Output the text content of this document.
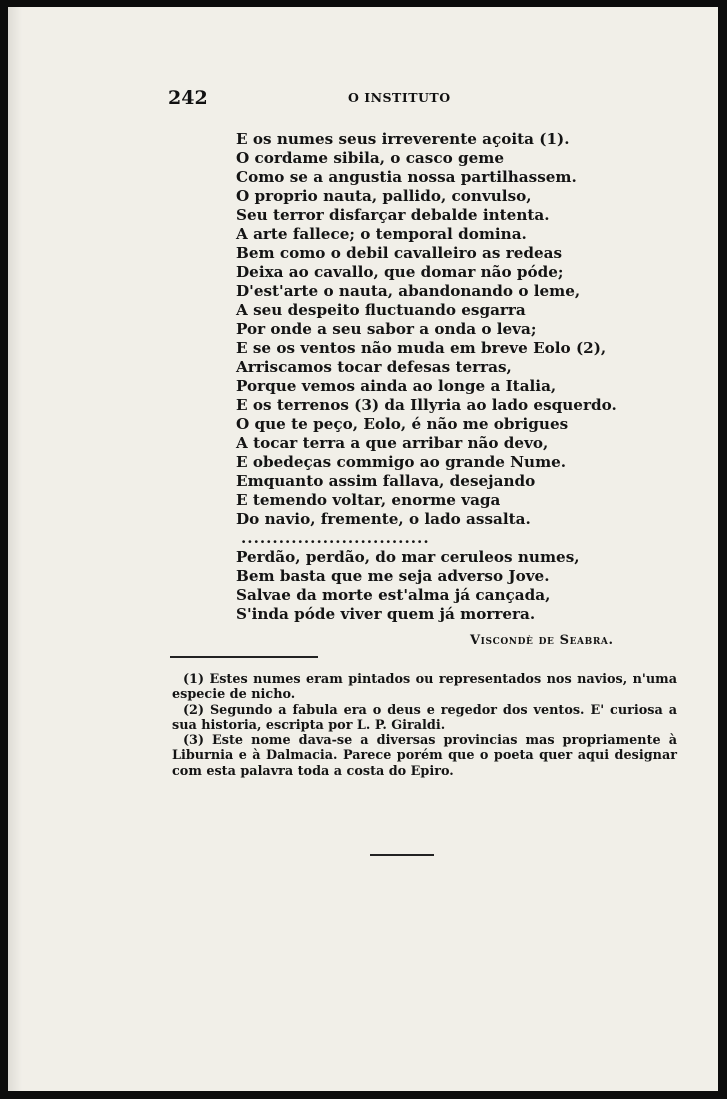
242	O INSTITUTO
E os numes seus irreverente açoita (1).
O cordame sibila, o casco geme
Como se a angustia nossa partilhassem.
O proprio nauta, pallido, convulso,
Seu terror disfarçar debalde intenta.
A arte fallece; o temporal domina.
Bem como o debil cavalleiro as redeas
Deixa ao cavallo, que domar não póde;
D'est'arte o nauta, abandonando o leme,
A seu despeito fluctuando esgarra
Por onde a seu sabor a onda o leva;
E se os ventos não muda em breve Eolo (2),
Arriscamos tocar defesas terras,
Porque vemos ainda ao longe a Italia,
E os terrenos (3) da Illyria ao lado esquerdo.
O que te peço, Eolo, é não me obrigues
A tocar terra a que arribar não devo,
E obedeças commigo ao grande Nume.
Emquanto assim fallava, desejando
E temendo voltar, enorme vaga
Do navio, fremente, o lado assalta.
..............................
Perdão, perdão, do mar ceruleos numes,
Bem basta que me seja adverso Jove.
Salvae da morte est'alma já cançada,
S'inda póde viver quem já morrera.
Viscondè de Seabra.
(1) Estes numes eram pintados ou representados nos navios, n'uma especie de nicho.
(2) Segundo a fabula era o deus e regedor dos ventos. E' curiosa a sua historia, escripta por L. P. Giraldi.
(3) Este nome dava-se a diversas provincias mas propriamente à Liburnia e à Dalmacia. Parece porém que o poeta quer aqui designar com esta palavra toda a costa do Epiro.
